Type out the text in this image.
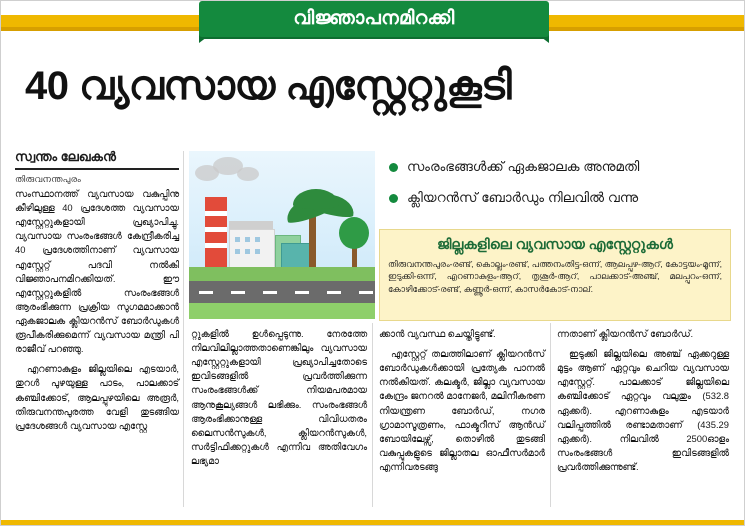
വിജ്ഞാപനമിറക്കി
40 വ്യവസായ എസ്റ്റേറ്റുകൂടി
സ്വന്തം ലേഖകൻ
തിരുവനന്തപുരം
സംരംഭങ്ങൾക്ക് ഏകജാലക അനുമതി
ക്ലിയറൻസ് ബോർഡും നിലവിൽ വന്നു
ജില്ലകളിലെ വ്യവസായ എസ്റ്റേറ്റുകൾ
തിരുവനന്തപുരം-രണ്ട്, കൊല്ലം-രണ്ട്, പത്തനംതിട്ട-ഒന്ന്, ആലപ്പുഴ-ആറ്, കോട്ടയം-മൂന്ന്, ഇടുക്കി-ഒന്ന്, എറണാകുളം-ആറ്, തൃശൂർ-ആറ്, പാലക്കാട്-അഞ്ച്, മലപ്പുറം-ഒന്ന്, കോഴിക്കോട്-രണ്ട്, കണ്ണൂർ-ഒന്ന്, കാസർകോട്-നാല്.

സംസ്ഥാനത്ത് വ്യവസായ വകുപ്പിനു കീഴിലുള്ള 40 പ്രദേശത്ത വ്യവസായ എസ്റ്റേറ്റുകളായി പ്രഖ്യാപിച്ചു. വ്യവസായ സംരംഭങ്ങൾ കേന്ദ്രീകരിച്ച 40 പ്രദേശത്തിനാണ് വ്യവസായ എസ്റ്റേറ്റ് പദവി നൽകി വിജ്ഞാപനമിറക്കിയത്. ഈ എസ്റ്റേറ്റുകളിൽ സംരംഭങ്ങൾ ആരംഭിക്കുന്ന പ്രക്രിയ സുഗമമാക്കാൻ ഏകജാലക ക്ലിയറൻസ് ബോർഡുകൾ രൂപീകരിക്കുമെന്ന് വ്യവസായ മന്ത്രി പി രാജീവ് പറഞ്ഞു.

എറണാകുളം ജില്ലയിലെ എടയാർ, തുറൾ പുഴയുള്ള പാടം, പാലക്കാട് കഞ്ചിക്കോട്, ആലപ്പുഴയിലെ അരൂർ, തിരുവനന്തപുരത്ത വേളി തുടങ്ങിയ പ്രദേശങ്ങൾ വ്യവസായ എസ്റ്റേ

റ്റുകളിൽ ഉൾപ്പെടുന്നു. നേരത്തേ നിലവിലില്ലാത്തതാണെങ്കിലും വ്യവസായ എസ്റ്റേറ്റുകളായി പ്രഖ്യാപിച്ചതോടെ ഇവിടങ്ങളിൽ പ്രവർത്തിക്കുന്ന സംരംഭങ്ങൾക്ക് നിയമപരമായ ആനുകൂല്യങ്ങൾ ലഭിക്കും. സംരംഭങ്ങൾ ആരംഭിക്കാനുള്ള വിവിധതരം ലൈസൻസുകൾ, ക്ലിയറൻസുകൾ, സർട്ടിഫിക്കറ്റുകൾ എന്നിവ അതിവേഗം ലഭ്യമാ

ക്കാൻ വ്യവസ്ഥ ചെയ്തിട്ടുണ്ട്.

എസ്റ്റേറ്റ് തലത്തിലാണ് ക്ലിയറൻസ് ബോർഡുകൾക്കായി പ്രത്യേക പാനൽ നൽകിയത്. കലക്ടർ, ജില്ലാ വ്യവസായ കേന്ദ്രം ജനറൽ മാനേജർ, മലിനീകരണ നിയന്ത്രണ ബോർഡ്, നഗര ഗ്രാമാസൂത്രണം, ഫാക്ടറീസ് ആൻഡ് ബോയിലേഴ്സ്, തൊഴിൽ തുടങ്ങി വകുപ്പുകളുടെ ജില്ലാതല ഓഫീസർമാർ എന്നിവരടങ്ങു

ന്നതാണ് ക്ലിയറൻസ് ബോർഡ്.

ഇടുക്കി ജില്ലയിലെ അഞ്ച് ഏക്കറുള്ള മുട്ടം ആണ് ഏറ്റവും ചെറിയ വ്യവസായ എസ്റ്റേറ്റ്. പാലക്കാട് ജില്ലയിലെ കഞ്ചിക്കോട് ഏറ്റവും വലുതും (532.8 ഏക്കർ). എറണാകുളം എടയാർ വലിപ്പത്തിൽ രണ്ടാമതാണ് (435.29 ഏക്കർ). നിലവിൽ 2500ഓളം സംരംഭങ്ങൾ ഇവിടങ്ങളിൽ പ്രവർത്തിക്കുന്നുണ്ട്.
